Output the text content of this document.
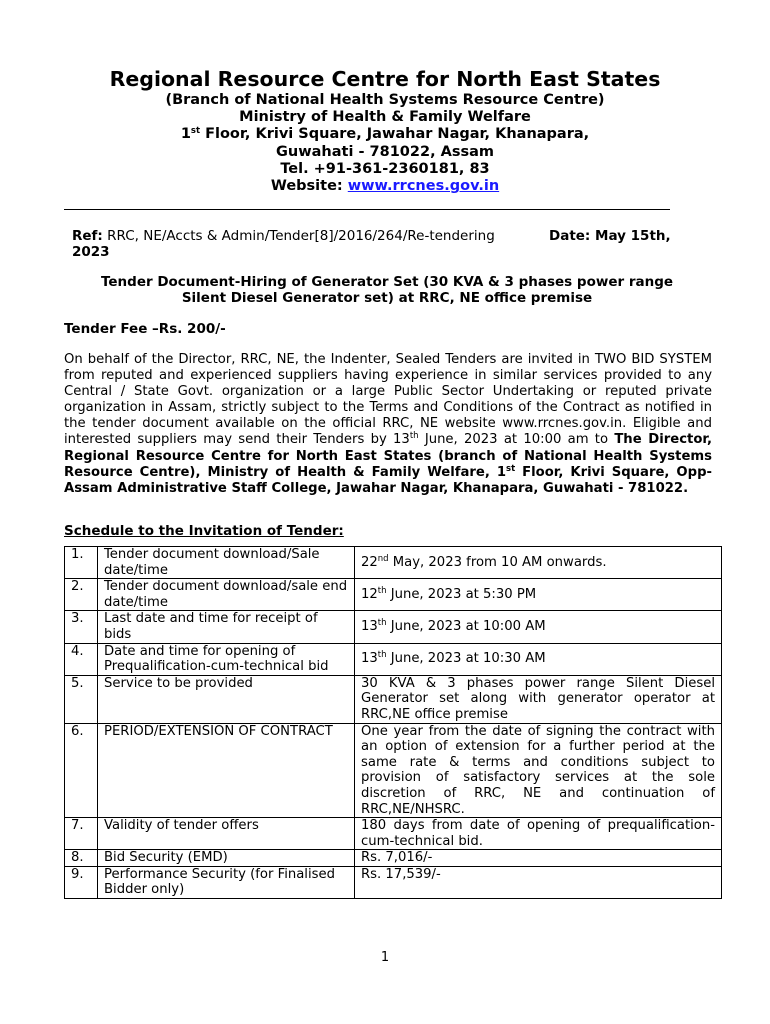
Regional Resource Centre for North East States

(Branch of National Health Systems Resource Centre)

Ministry of Health & Family Welfare

1st Floor, Krivi Square, Jawahar Nagar, Khanapara,

Guwahati - 781022, Assam

Tel. +91-361-2360181, 83

Website: www.rrcnes.gov.in

Ref: RRC, NE/Accts & Admin/Tender[8]/2016/264/Re-tendering	Date: May 15th,
2023
Tender Document-Hiring of Generator Set (30 KVA & 3 phases power range
Silent Diesel Generator set) at RRC, NE office premise
Tender Fee –Rs. 200/-
On behalf of the Director, RRC, NE, the Indenter, Sealed Tenders are invited in TWO BID SYSTEM from reputed and experienced suppliers having experience in similar services provided to any Central / State Govt. organization or a large Public Sector Undertaking or reputed private organization in Assam, strictly subject to the Terms and Conditions of the Contract as notified in the tender document available on the official RRC, NE website www.rrcnes.gov.in. Eligible and interested suppliers may send their Tenders by 13th June, 2023 at 10:00 am to The Director, Regional Resource Centre for North East States (branch of National Health Systems Resource Centre), Ministry of Health & Family Welfare, 1st Floor, Krivi Square, Opp- Assam Administrative Staff College, Jawahar Nagar, Khanapara, Guwahati - 781022.
Schedule to the Invitation of Tender:
1.	Tender document download/Sale date/time	22nd May, 2023 from 10 AM onwards.
2.	Tender document download/sale end date/time	12th June, 2023 at 5:30 PM
3.	Last date and time for receipt of bids	13th June, 2023 at 10:00 AM
4.	Date and time for opening of Prequalification-cum-technical bid	13th June, 2023 at 10:30 AM
5.	Service to be provided	30 KVA & 3 phases power range Silent Diesel Generator set along with generator operator at RRC,NE office premise
6.	PERIOD/EXTENSION OF CONTRACT	One year from the date of signing the contract with an option of extension for a further period at the same rate & terms and conditions subject to provision of satisfactory services at the sole discretion of RRC, NE and continuation of RRC,NE/NHSRC.
7.	Validity of tender offers	180 days from date of opening of prequalification-cum-technical bid.
8.	Bid Security (EMD)	Rs. 7,016/-
9.	Performance Security (for Finalised Bidder only)	Rs. 17,539/-
1
